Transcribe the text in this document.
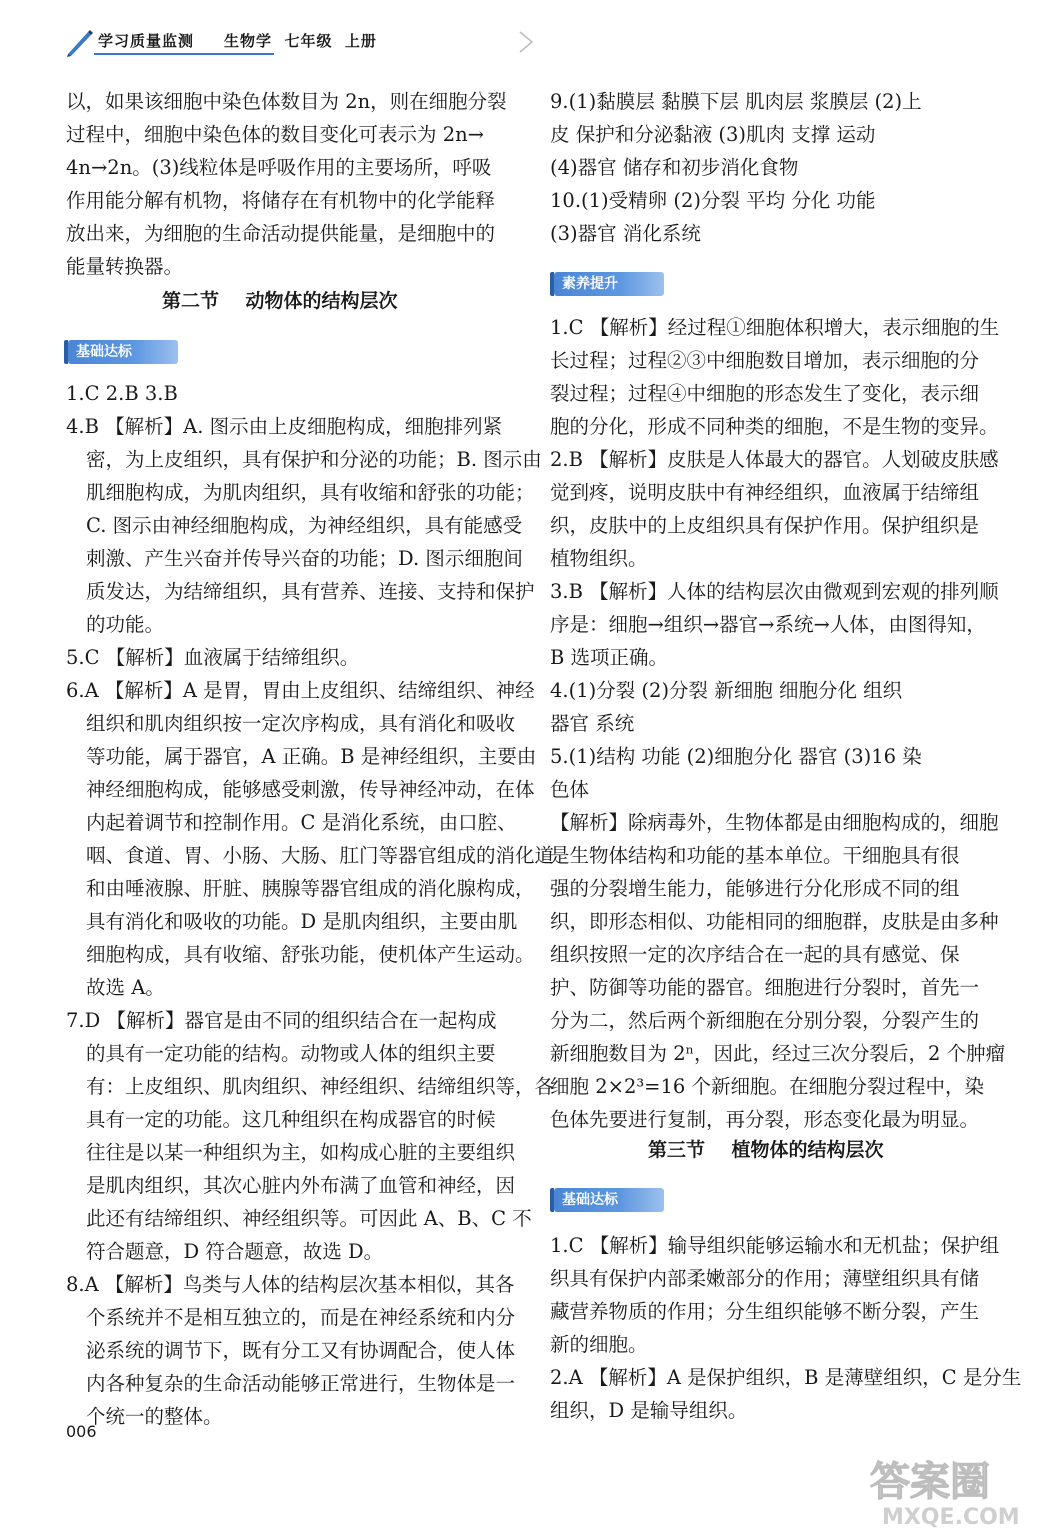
学习质量监测 生物学  七年级  上册
以，如果该细胞中染色体数目为 2n，则在细胞分裂
过程中，细胞中染色体的数目变化可表示为 2n→
4n→2n。(3)线粒体是呼吸作用的主要场所，呼吸
作用能分解有机物，将储存在有机物中的化学能释
放出来，为细胞的生命活动提供能量，是细胞中的
能量转换器。
第二节    动物体的结构层次
基础达标
1.C 2.B 3.B
4.B 【解析】A. 图示由上皮细胞构成，细胞排列紧
密，为上皮组织，具有保护和分泌的功能；B. 图示由
肌细胞构成，为肌肉组织，具有收缩和舒张的功能；
C. 图示由神经细胞构成，为神经组织，具有能感受
刺激、产生兴奋并传导兴奋的功能；D. 图示细胞间
质发达，为结缔组织，具有营养、连接、支持和保护
的功能。
5.C 【解析】血液属于结缔组织。
6.A 【解析】A 是胃，胃由上皮组织、结缔组织、神经
组织和肌肉组织按一定次序构成，具有消化和吸收
等功能，属于器官，A 正确。B 是神经组织，主要由
神经细胞构成，能够感受刺激，传导神经冲动，在体
内起着调节和控制作用。C 是消化系统，由口腔、
咽、食道、胃、小肠、大肠、肛门等器官组成的消化道
和由唾液腺、肝脏、胰腺等器官组成的消化腺构成，
具有消化和吸收的功能。D 是肌肉组织，主要由肌
细胞构成，具有收缩、舒张功能，使机体产生运动。
故选 A。
7.D 【解析】器官是由不同的组织结合在一起构成
的具有一定功能的结构。动物或人体的组织主要
有：上皮组织、肌肉组织、神经组织、结缔组织等，各
具有一定的功能。这几种组织在构成器官的时候
往往是以某一种组织为主，如构成心脏的主要组织
是肌肉组织，其次心脏内外布满了血管和神经，因
此还有结缔组织、神经组织等。可因此 A、B、C 不
符合题意，D 符合题意，故选 D。
8.A 【解析】鸟类与人体的结构层次基本相似，其各
个系统并不是相互独立的，而是在神经系统和内分
泌系统的调节下，既有分工又有协调配合，使人体
内各种复杂的生命活动能够正常进行，生物体是一
个统一的整体。
9.(1)黏膜层 黏膜下层 肌肉层 浆膜层 (2)上
皮 保护和分泌黏液 (3)肌肉 支撑 运动
(4)器官 储存和初步消化食物
10.(1)受精卵 (2)分裂 平均 分化 功能
(3)器官 消化系统
素养提升
1.C 【解析】经过程①细胞体积增大，表示细胞的生
长过程；过程②③中细胞数目增加，表示细胞的分
裂过程；过程④中细胞的形态发生了变化，表示细
胞的分化，形成不同种类的细胞，不是生物的变异。
2.B 【解析】皮肤是人体最大的器官。人划破皮肤感
觉到疼，说明皮肤中有神经组织，血液属于结缔组
织，皮肤中的上皮组织具有保护作用。保护组织是
植物组织。
3.B 【解析】人体的结构层次由微观到宏观的排列顺
序是：细胞→组织→器官→系统→人体，由图得知，
B 选项正确。
4.(1)分裂 (2)分裂 新细胞 细胞分化 组织
器官 系统
5.(1)结构 功能 (2)细胞分化 器官 (3)16 染
色体
【解析】除病毒外，生物体都是由细胞构成的，细胞
是生物体结构和功能的基本单位。干细胞具有很
强的分裂增生能力，能够进行分化形成不同的组
织，即形态相似、功能相同的细胞群，皮肤是由多种
组织按照一定的次序结合在一起的具有感觉、保
护、防御等功能的器官。细胞进行分裂时，首先一
分为二，然后两个新细胞在分别分裂，分裂产生的
新细胞数目为 2ⁿ，因此，经过三次分裂后，2 个肿瘤
细胞 2×2³=16 个新细胞。在细胞分裂过程中，染
色体先要进行复制，再分裂，形态变化最为明显。
第三节    植物体的结构层次
基础达标
1.C 【解析】输导组织能够运输水和无机盐；保护组
织具有保护内部柔嫩部分的作用；薄壁组织具有储
藏营养物质的作用；分生组织能够不断分裂，产生
新的细胞。
2.A 【解析】A 是保护组织，B 是薄壁组织，C 是分生
组织，D 是输导组织。
006
答案圈
MXQE.COM
